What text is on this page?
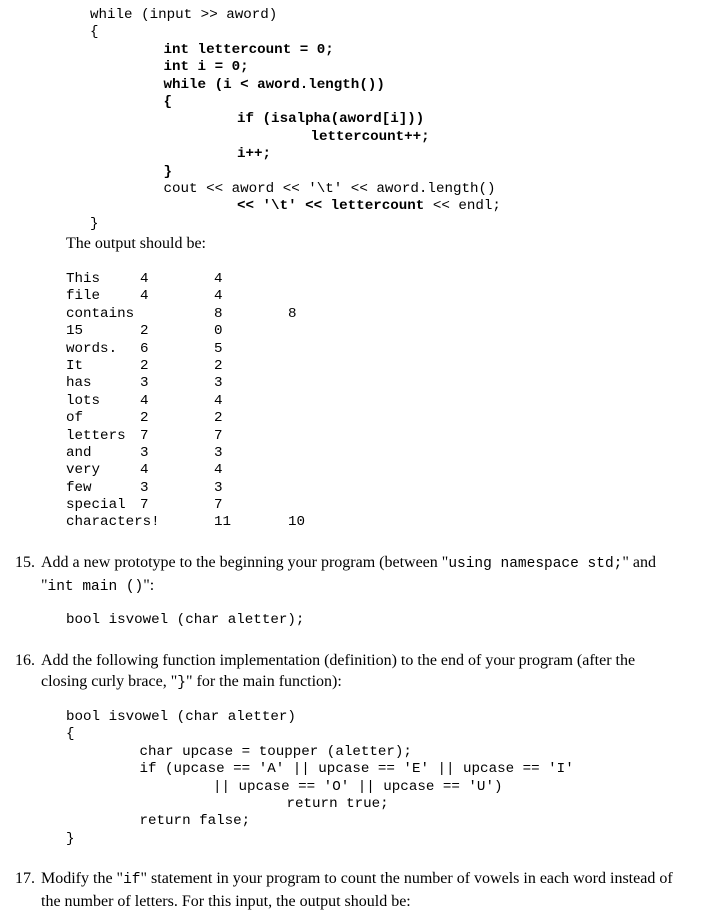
while (input >> aword)
{
int lettercount = 0;
int i = 0;
while (i < aword.length())
{
if (isalpha(aword[i]))
lettercount++;
i++;
}
cout << aword << '\t' << aword.length()
<< '\t' << lettercount << endl;
}
The output should be:
This	4	4
file	4	4
contains	8	8
15	2	0
words. 6	5
It	2	2
has	3	3
lots	4	4
of	2	2
letters 7	7
and	3	3
very	4	4
few	3	3
special 7	7
characters!	11	10
15. Add a new prototype to the beginning your program (between "using namespace std;" and "int main ()":
bool isvowel (char aletter);
16. Add the following function implementation (definition) to the end of your program (after the closing curly brace, "}" for the main function):
bool isvowel (char aletter)
{
char upcase = toupper (aletter);
if (upcase == 'A' || upcase == 'E' || upcase == 'I'
|| upcase == 'O' || upcase == 'U')
return true;
return false;
}
17. Modify the "if" statement in your program to count the number of vowels in each word instead of the number of letters. For this input, the output should be:
